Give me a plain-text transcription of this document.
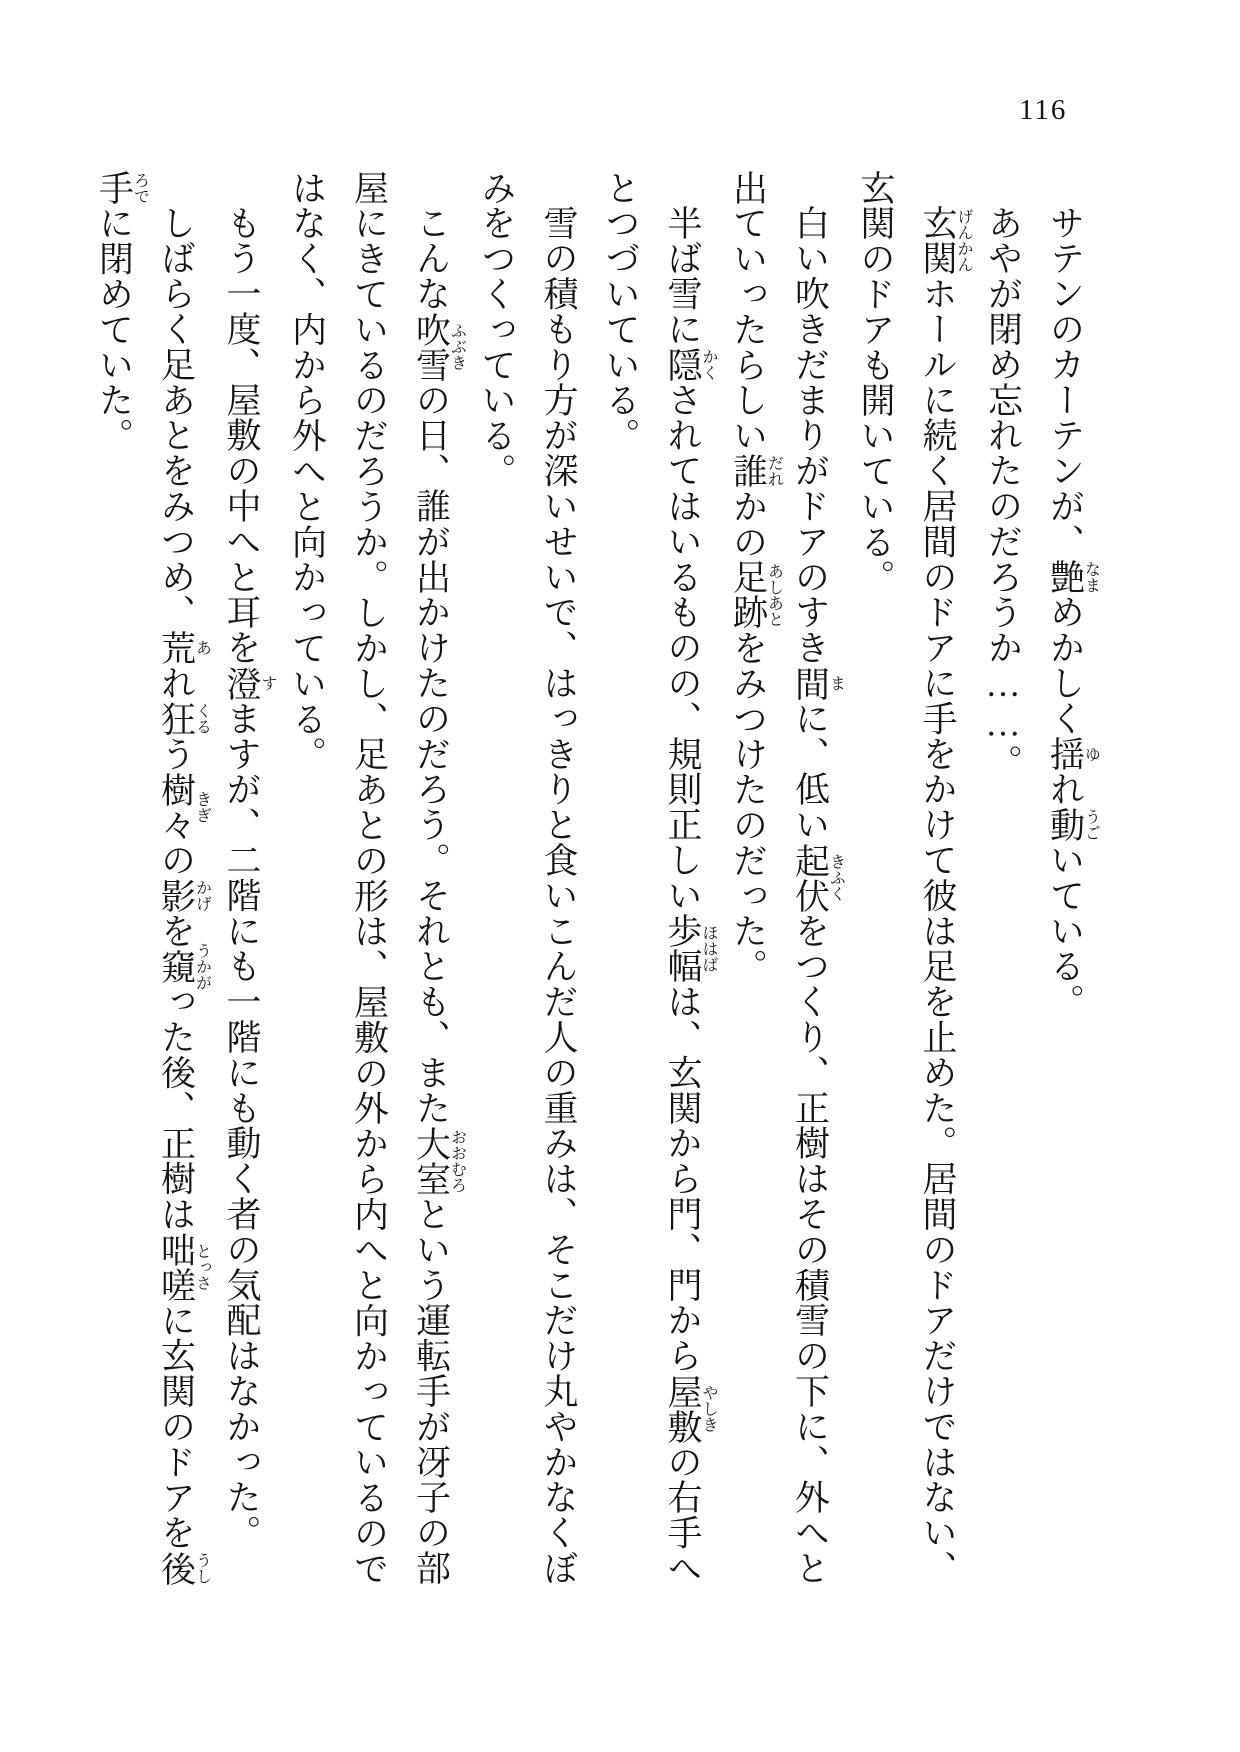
116

サテンのカーテンが、艶なまめかしく揺ゆれ動うごいている。

あやが閉め忘れたのだろうか……。

玄関げんかんホールに続く居間のドアに手をかけて彼は足を止めた。居間のドアだけではない、玄関のドアも開いている。

白い吹きだまりがドアのすき間まに、低い起伏きふくをつくり、正樹はその積雪の下に、外へと出ていったらしい誰だれかの足跡あしあとをみつけたのだった。

半ば雪に隠かくされてはいるものの、規則正しい歩幅ほはばは、玄関から門、門から屋敷やしきの右手へとつづいている。

雪の積もり方が深いせいで、はっきりと食いこんだ人の重みは、そこだけ丸やかなくぼみをつくっている。

こんな吹雪ふぶきの日、誰が出かけたのだろう。それとも、また大室おおむろという運転手が冴子の部屋にきているのだろうか。しかし、足あとの形は、屋敷の外から内へと向かっているのではなく、内から外へと向かっている。

もう一度、屋敷の中へと耳を澄すますが、二階にも一階にも動く者の気配はなかった。

しばらく足あとをみつめ、荒あれ狂くるう樹々きぎの影かげを窺うかがった後、正樹は咄嗟とっさに玄関のドアを後うし手ろでに閉めていた。
